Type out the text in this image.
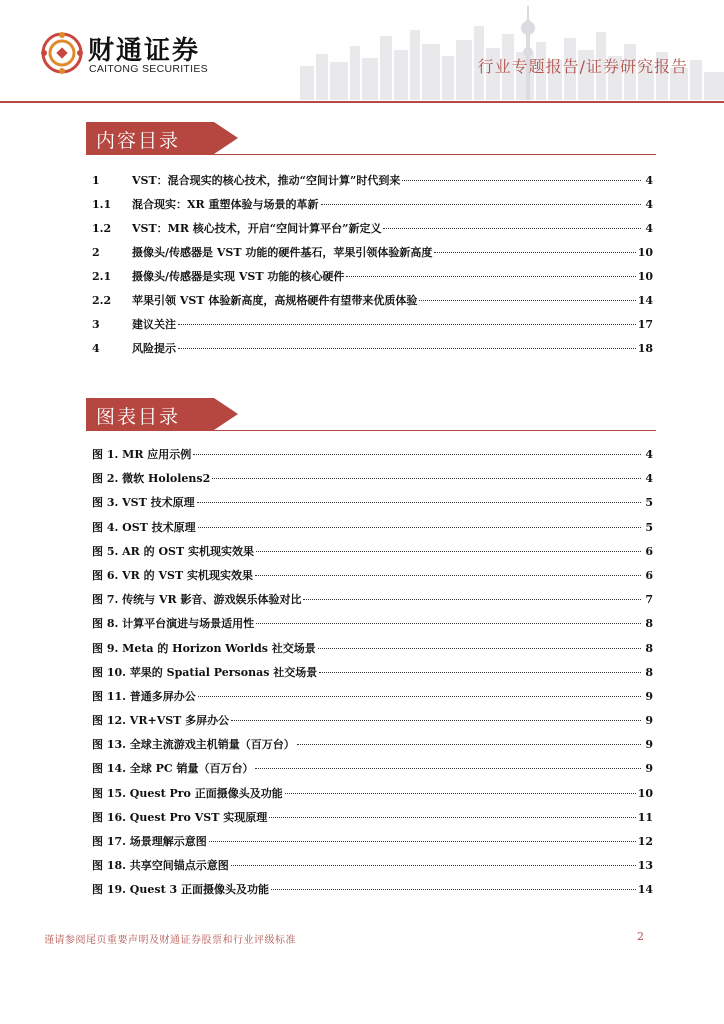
财通证券
CAITONG SECURITIES	行业专题报告/证券研究报告
内容目录
1	VST：混合现实的核心技术，推动“空间计算”时代到来	4
1.1	混合现实：XR 重塑体验与场景的革新	4
1.2	VST：MR 核心技术，开启“空间计算平台”新定义	4
2	摄像头/传感器是 VST 功能的硬件基石，苹果引领体验新高度	10
2.1	摄像头/传感器是实现 VST 功能的核心硬件	10
2.2	苹果引领 VST 体验新高度，高规格硬件有望带来优质体验	14
3	建议关注	17
4	风险提示	18
图表目录
图 1. MR 应用示例	4
图 2. 微软 Hololens2	4
图 3. VST 技术原理	5
图 4. OST 技术原理	5
图 5. AR 的 OST 实机现实效果	6
图 6. VR 的 VST 实机现实效果	6
图 7. 传统与 VR 影音、游戏娱乐体验对比	7
图 8. 计算平台演进与场景适用性	8
图 9. Meta 的 Horizon Worlds 社交场景	8
图 10. 苹果的 Spatial Personas 社交场景	8
图 11. 普通多屏办公	9
图 12. VR+VST 多屏办公	9
图 13. 全球主流游戏主机销量（百万台）	9
图 14. 全球 PC 销量（百万台）	9
图 15. Quest Pro 正面摄像头及功能	10
图 16. Quest Pro VST 实现原理	11
图 17. 场景理解示意图	12
图 18. 共享空间锚点示意图	13
图 19. Quest 3 正面摄像头及功能	14
谨请参阅尾页重要声明及财通证券股票和行业评级标准	2
